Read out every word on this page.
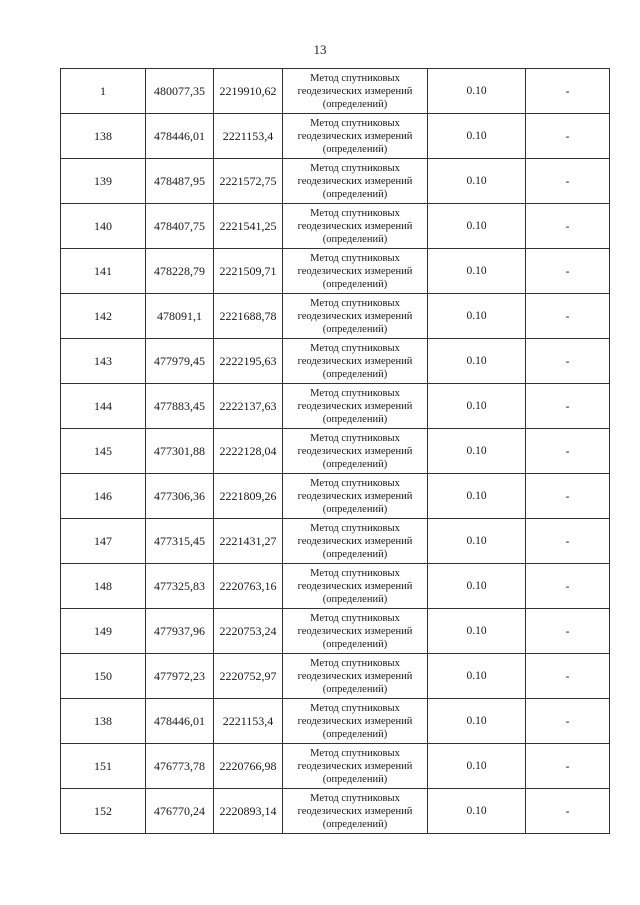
13
1	480077,35	2219910,62	Метод спутниковых геодезических измерений (определений)	0.10	-
138	478446,01	2221153,4	Метод спутниковых геодезических измерений (определений)	0.10	-
139	478487,95	2221572,75	Метод спутниковых геодезических измерений (определений)	0.10	-
140	478407,75	2221541,25	Метод спутниковых геодезических измерений (определений)	0.10	-
141	478228,79	2221509,71	Метод спутниковых геодезических измерений (определений)	0.10	-
142	478091,1	2221688,78	Метод спутниковых геодезических измерений (определений)	0.10	-
143	477979,45	2222195,63	Метод спутниковых геодезических измерений (определений)	0.10	-
144	477883,45	2222137,63	Метод спутниковых геодезических измерений (определений)	0.10	-
145	477301,88	2222128,04	Метод спутниковых геодезических измерений (определений)	0.10	-
146	477306,36	2221809,26	Метод спутниковых геодезических измерений (определений)	0.10	-
147	477315,45	2221431,27	Метод спутниковых геодезических измерений (определений)	0.10	-
148	477325,83	2220763,16	Метод спутниковых геодезических измерений (определений)	0.10	-
149	477937,96	2220753,24	Метод спутниковых геодезических измерений (определений)	0.10	-
150	477972,23	2220752,97	Метод спутниковых геодезических измерений (определений)	0.10	-
138	478446,01	2221153,4	Метод спутниковых геодезических измерений (определений)	0.10	-
151	476773,78	2220766,98	Метод спутниковых геодезических измерений (определений)	0.10	-
152	476770,24	2220893,14	Метод спутниковых геодезических измерений (определений)	0.10	-
